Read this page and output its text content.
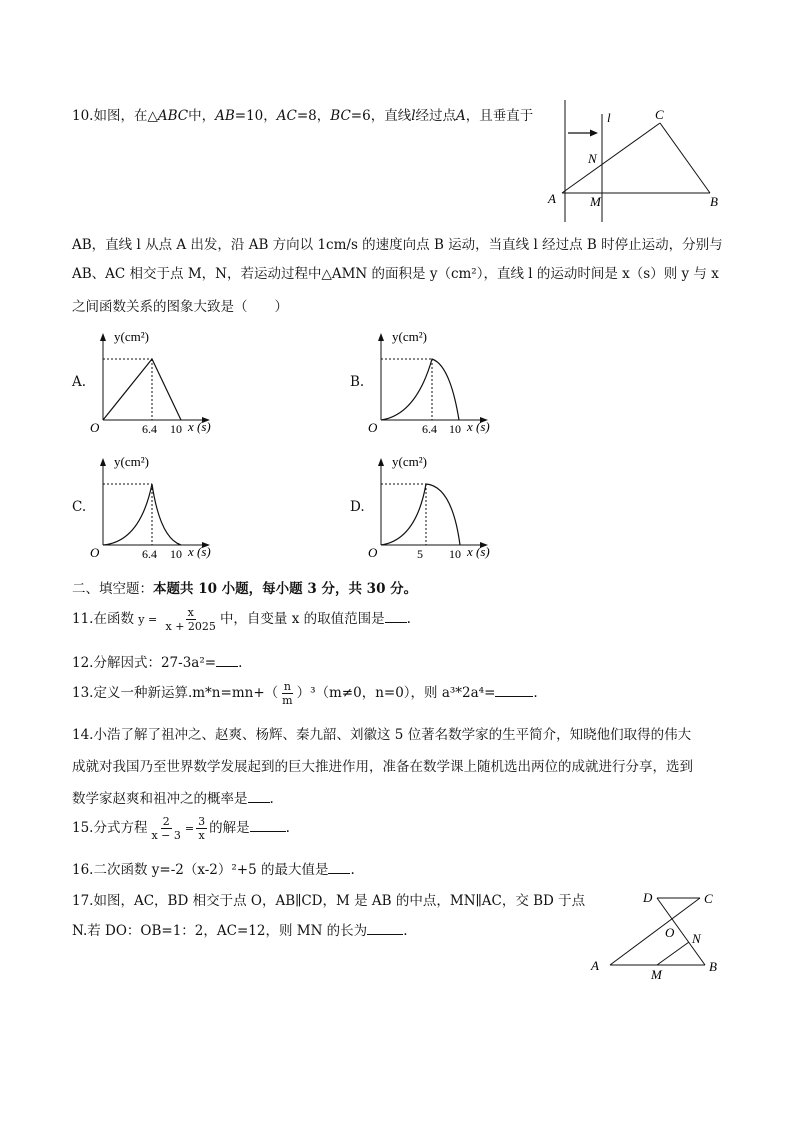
10.如图，在△ABC中，AB=10，AC=8，BC=6，直线l经过点A，且垂直于
A	M	B
C
N
l
AB，直线 l 从点 A 出发，沿 AB 方向以 1cm/s 的速度向点 B 运动，当直线 l 经过点 B 时停止运动，分别与
AB、AC 相交于点 M，N，若运动过程中△AMN 的面积是 y（cm²），直线 l 的运动时间是 x（s）则 y 与 x
之间函数关系的图象大致是（　　）
A.
y(cm²)
O	6.4 10 x (s)
B.
y(cm²)
O	6.4 10 x (s)
C.
y(cm²)
O	6.4 10 x (s)
D.
y(cm²)
O	5 10 x (s)
二、填空题：本题共 10 小题，每小题 3 分，共 30 分。
11.在函数 $y = \frac{x}{x + 2025}$ 中，自变量 x 的取值范围是 .
12.分解因式：27-3a²= .
13.定义一种新运算$.m*n=mn+( \frac{n}{m} )^3(m\ne 0$，n=0），则 a³*2a⁴=	.
14.小浩了解了祖冲之、赵爽、杨辉、秦九韶、刘徽这 5 位著名数学家的生平简介，知晓他们取得的伟大
成就对我国乃至世界数学发展起到的巨大推进作用，准备在数学课上随机选出两位的成就进行分享，选到
数学家赵爽和祖冲之的概率是 .
15.分式方程 $\frac{2}{x - 3} = \frac{3}{x}$ 的解是	.
16.二次函数 y=-2（x-2）²+5 的最大值是 .
17.如图，AC，BD 相交于点 O，AB∥CD，M 是 AB 的中点，MN∥AC，交 BD 于点
N.若 DO：OB=1：2，AC=12，则 MN 的长为	.
D	C
O N
A
M
B
